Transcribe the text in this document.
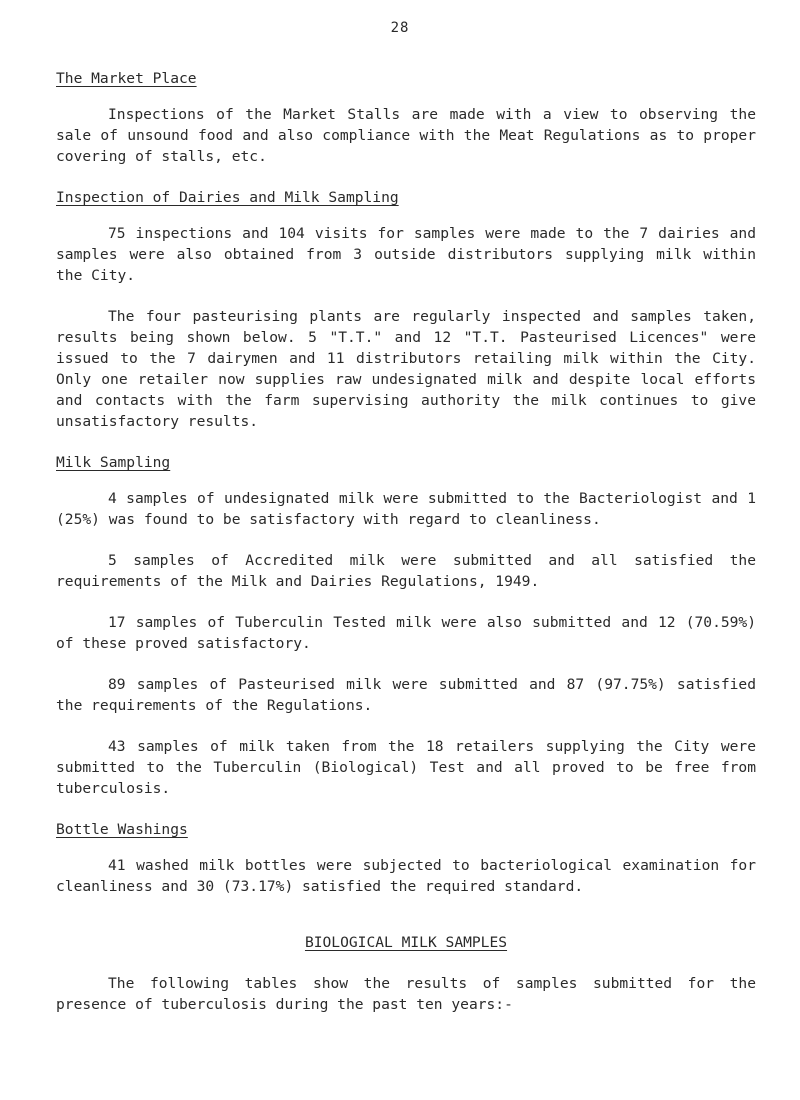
28
The Market Place

Inspections of the Market Stalls are made with a view to observing the sale of unsound food and also compliance with the Meat Regulations as to proper covering of stalls, etc.

Inspection of Dairies and Milk Sampling

75 inspections and 104 visits for samples were made to the 7 dairies and samples were also obtained from 3 outside distributors supplying milk within the City.

The four pasteurising plants are regularly inspected and samples taken, results being shown below. 5 "T.T." and 12 "T.T. Pasteurised Licences" were issued to the 7 dairymen and 11 distributors retailing milk within the City. Only one retailer now supplies raw undesignated milk and despite local efforts and contacts with the farm supervising authority the milk continues to give unsatisfactory results.

Milk Sampling

4 samples of undesignated milk were submitted to the Bacteriologist and 1 (25%) was found to be satisfactory with regard to cleanliness.

5 samples of Accredited milk were submitted and all satisfied the requirements of the Milk and Dairies Regulations, 1949.

17 samples of Tuberculin Tested milk were also submitted and 12 (70.59%) of these proved satisfactory.

89 samples of Pasteurised milk were submitted and 87 (97.75%) satisfied the requirements of the Regulations.

43 samples of milk taken from the 18 retailers supplying the City were submitted to the Tuberculin (Biological) Test and all proved to be free from tuberculosis.

Bottle Washings

41 washed milk bottles were subjected to bacteriological examination for cleanliness and 30 (73.17%) satisfied the required standard.

BIOLOGICAL MILK SAMPLES

The following tables show the results of samples submitted for the presence of tuberculosis during the past ten years:-
